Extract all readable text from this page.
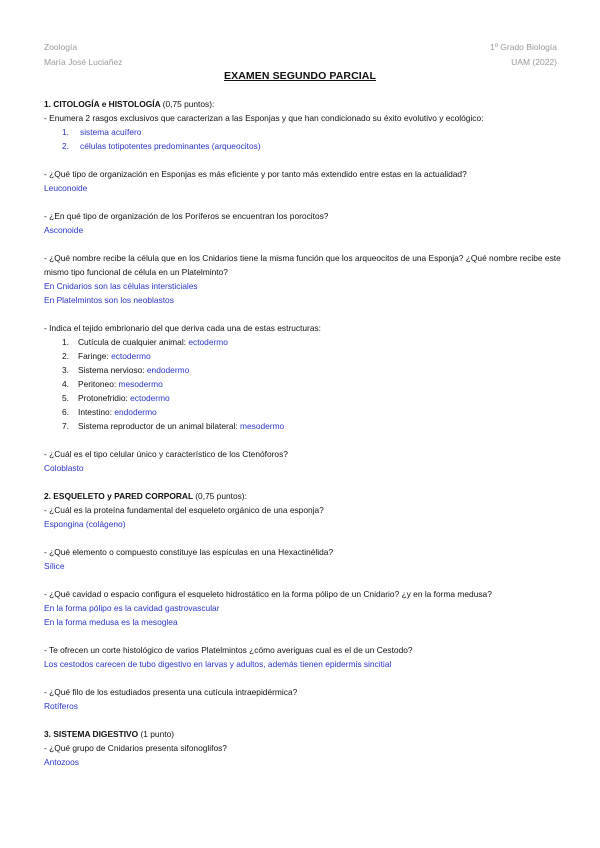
Zoología
María José Luciañez
1º Grado Biología
UAM (2022)
EXAMEN SEGUNDO PARCIAL
1. CITOLOGÍA e HISTOLOGÍA (0,75 puntos):
- Enumera 2 rasgos exclusivos que caracterizan a las Esponjas y que han condicionado su éxito evolutivo y ecológico:
1. sistema acuífero
2. células totipotentes predominantes (arqueocitos)
- ¿Qué tipo de organización en Esponjas es más eficiente y por tanto más extendido entre estas en la actualidad?
Leuconoide
- ¿En qué tipo de organización de los Poríferos se encuentran los porocitos?
Asconoide
- ¿Qué nombre recibe la célula que en los Cnidarios tiene la misma función que los arqueocitos de una Esponja? ¿Qué nombre recibe este mismo tipo funcional de célula en un Platelminto?
En Cnidarios son las células intersticiales
En Platelmintos son los neoblastos
- Indica el tejido embrionario del que deriva cada una de estas estructuras:
1. Cutícula de cualquier animal: ectodermo
2. Faringe: ectodermo
3. Sistema nervioso: endodermo
4. Peritoneo: mesodermo
5. Protonefridio: ectodermo
6. Intestino: endodermo
7. Sistema reproductor de un animal bilateral: mesodermo
- ¿Cuál es el tipo celular único y característico de los Ctenóforos?
Coloblasto
2. ESQUELETO y PARED CORPORAL (0,75 puntos):
- ¿Cuál es la proteína fundamental del esqueleto orgánico de una esponja?
Espongina (colágeno)
- ¿Qué elemento o compuesto constituye las espículas en una Hexactinélida?
Sílice
- ¿Qué cavidad o espacio configura el esqueleto hidrostático en la forma pólipo de un Cnidario? ¿y en la forma medusa?
En la forma pólipo es la cavidad gastrovascular
En la forma medusa es la mesoglea
- Te ofrecen un corte histológico de varios Platelmintos ¿cómo averiguas cual es el de un Cestodo?
Los cestodos carecen de tubo digestivo en larvas y adultos, además tienen epidermis sincitial
- ¿Qué filo de los estudiados presenta una cutícula intraepidérmica?
Rotíferos
3. SISTEMA DIGESTIVO (1 punto)
- ¿Qué grupo de Cnidarios presenta sifonoglifos?
Antozoos
